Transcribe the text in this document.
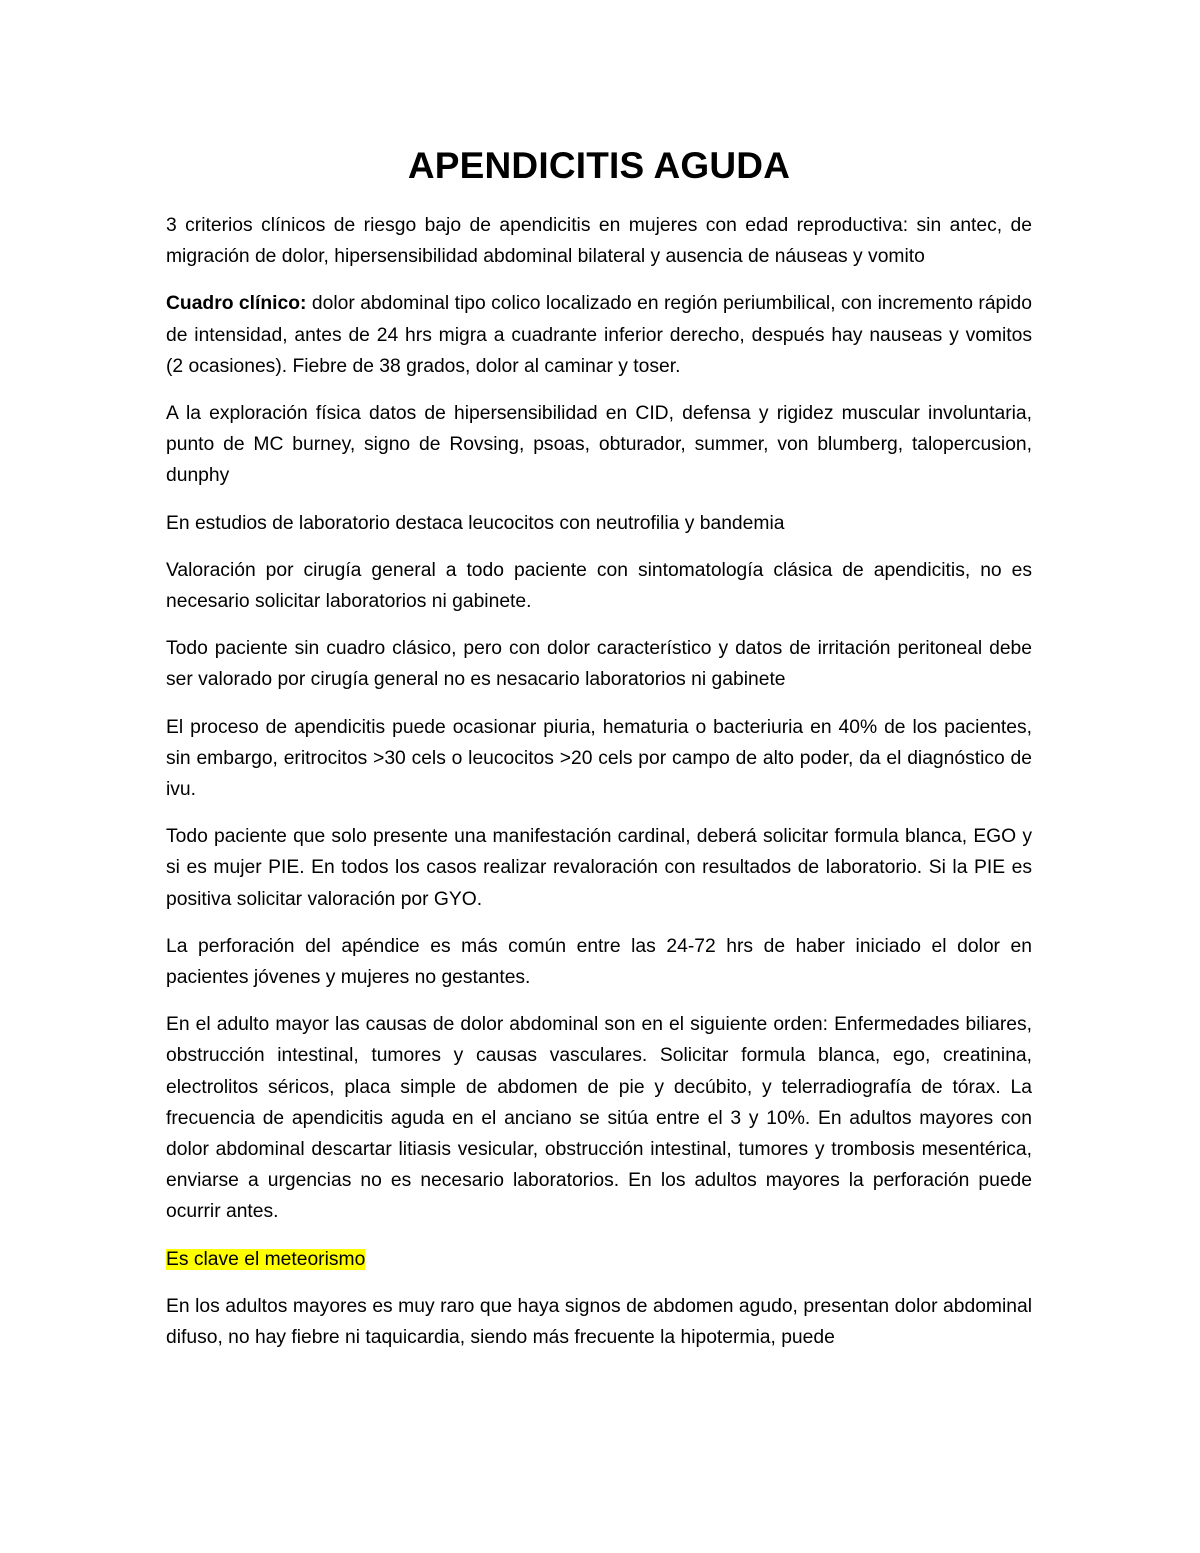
APENDICITIS AGUDA

3 criterios clínicos de riesgo bajo de apendicitis en mujeres con edad reproductiva: sin antec, de migración de dolor, hipersensibilidad abdominal bilateral y ausencia de náuseas y vomito

Cuadro clínico: dolor abdominal tipo colico localizado en región periumbilical, con incremento rápido de intensidad, antes de 24 hrs migra a cuadrante inferior derecho, después hay nauseas y vomitos (2 ocasiones). Fiebre de 38 grados, dolor al caminar y toser.

A la exploración física datos de hipersensibilidad en CID, defensa y rigidez muscular involuntaria, punto de MC burney, signo de Rovsing, psoas, obturador, summer, von blumberg, talopercusion, dunphy

En estudios de laboratorio destaca leucocitos con neutrofilia y bandemia

Valoración por cirugía general a todo paciente con sintomatología clásica de apendicitis, no es necesario solicitar laboratorios ni gabinete.

Todo paciente sin cuadro clásico, pero con dolor característico y datos de irritación peritoneal debe ser valorado por cirugía general no es nesacario laboratorios ni gabinete

El proceso de apendicitis puede ocasionar piuria, hematuria o bacteriuria en 40% de los pacientes, sin embargo, eritrocitos >30 cels o leucocitos >20 cels por campo de alto poder, da el diagnóstico de ivu.

Todo paciente que solo presente una manifestación cardinal, deberá solicitar formula blanca, EGO y si es mujer PIE. En todos los casos realizar revaloración con resultados de laboratorio. Si la PIE es positiva solicitar valoración por GYO.

La perforación del apéndice es más común entre las 24-72 hrs de haber iniciado el dolor en pacientes jóvenes y mujeres no gestantes.

En el adulto mayor las causas de dolor abdominal son en el siguiente orden: Enfermedades biliares, obstrucción intestinal, tumores y causas vasculares. Solicitar formula blanca, ego, creatinina, electrolitos séricos, placa simple de abdomen de pie y decúbito, y telerradiografía de tórax. La frecuencia de apendicitis aguda en el anciano se sitúa entre el 3 y 10%. En adultos mayores con dolor abdominal descartar litiasis vesicular, obstrucción intestinal, tumores y trombosis mesentérica, enviarse a urgencias no es necesario laboratorios. En los adultos mayores la perforación puede ocurrir antes.

Es clave el meteorismo

En los adultos mayores es muy raro que haya signos de abdomen agudo, presentan dolor abdominal difuso, no hay fiebre ni taquicardia, siendo más frecuente la hipotermia, puede
